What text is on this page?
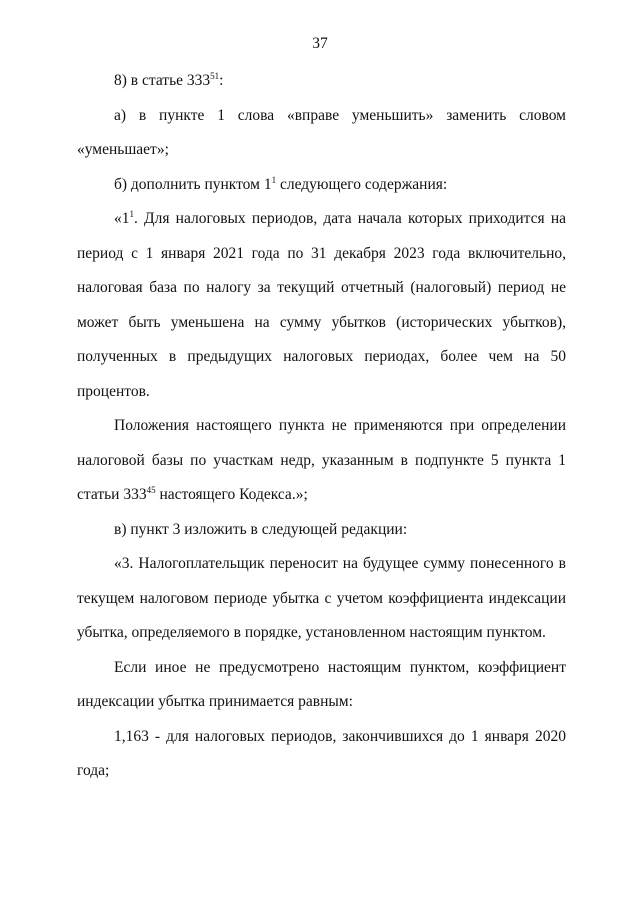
37

8) в статье $333^{51}$:

а) в пункте 1 слова «вправе уменьшить» заменить словом «уменьшает»;

б) дополнить пунктом $1^1$ следующего содержания:

«$1^1$. Для налоговых периодов, дата начала которых приходится на период с 1 января 2021 года по 31 декабря 2023 года включительно, налоговая база по налогу за текущий отчетный (налоговый) период не может быть уменьшена на сумму убытков (исторических убытков), полученных в предыдущих налоговых периодах, более чем на 50 процентов.

Положения настоящего пункта не применяются при определении налоговой базы по участкам недр, указанным в подпункте 5 пункта 1 статьи $333^{45}$ настоящего Кодекса.»;

в) пункт 3 изложить в следующей редакции:

«3. Налогоплательщик переносит на будущее сумму понесенного в текущем налоговом периоде убытка с учетом коэффициента индексации убытка, определяемого в порядке, установленном настоящим пунктом.

Если иное не предусмотрено настоящим пунктом, коэффициент индексации убытка принимается равным:

1,163 - для налоговых периодов, закончившихся до 1 января 2020 года;
